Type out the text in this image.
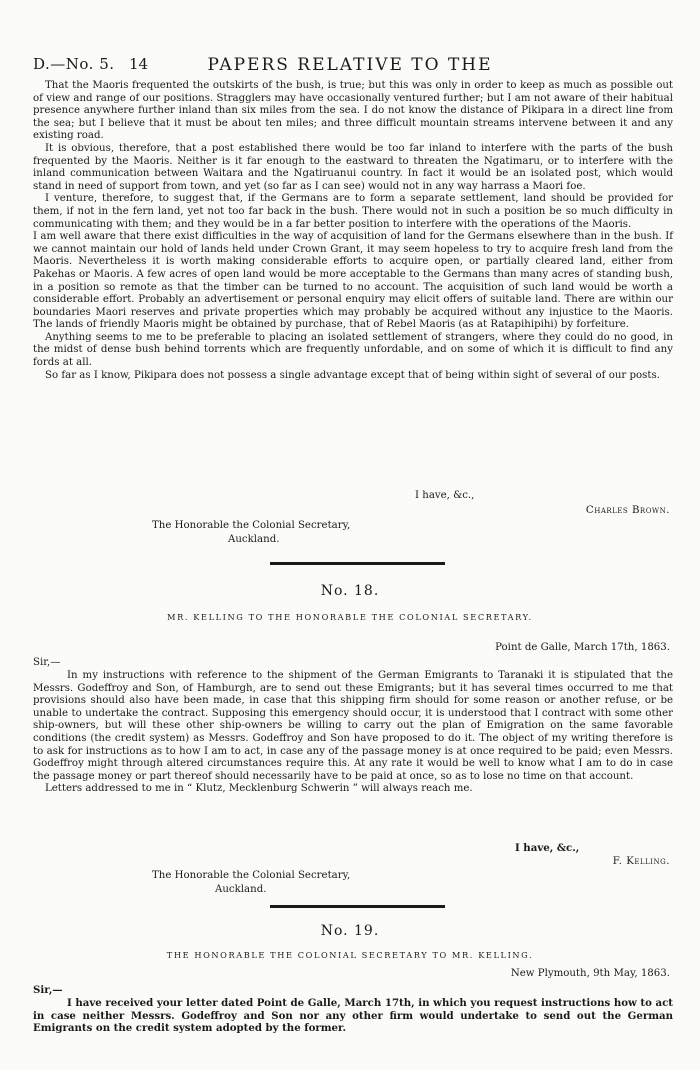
D.—No. 5. 14	PAPERS RELATIVE TO THE

That the Maoris frequented the outskirts of the bush, is true; but this was only in order to keep as much as possible out of view and range of our positions. Stragglers may have occasionally ventured further; but I am not aware of their habitual presence anywhere further inland than six miles from the sea. I do not know the distance of Pikipara in a direct line from the sea; but I believe that it must be about ten miles; and three difficult mountain streams intervene between it and any existing road.

It is obvious, therefore, that a post established there would be too far inland to interfere with the parts of the bush frequented by the Maoris. Neither is it far enough to the eastward to threaten the Ngatimaru, or to interfere with the inland communication between Waitara and the Ngatiruanui country. In fact it would be an isolated post, which would stand in need of support from town, and yet (so far as I can see) would not in any way harrass a Maori foe.

I venture, therefore, to suggest that, if the Germans are to form a separate settlement, land should be provided for them, if not in the fern land, yet not too far back in the bush. There would not in such a position be so much difficulty in communicating with them; and they would be in a far better position to interfere with the operations of the Maoris.

I am well aware that there exist difficulties in the way of acquisition of land for the Germans elsewhere than in the bush. If we cannot maintain our hold of lands held under Crown Grant, it may seem hopeless to try to acquire fresh land from the Maoris. Nevertheless it is worth making considerable efforts to acquire open, or partially cleared land, either from Pakehas or Maoris. A few acres of open land would be more acceptable to the Germans than many acres of standing bush, in a position so remote as that the timber can be turned to no account. The acquisition of such land would be worth a considerable effort. Probably an advertisement or personal enquiry may elicit offers of suitable land. There are within our boundaries Maori reserves and private properties which may probably be acquired without any injustice to the Maoris. The lands of friendly Maoris might be obtained by purchase, that of Rebel Maoris (as at Ratapihipihi) by forfeiture.

Anything seems to me to be preferable to placing an isolated settlement of strangers, where they could do no good, in the midst of dense bush behind torrents which are frequently unfordable, and on some of which it is difficult to find any fords at all.

So far as I know, Pikipara does not possess a single advantage except that of being within sight of several of our posts.

I have, &c.,
Charles Brown.
The Honorable the Colonial Secretary,
Auckland.
No. 18.
MR. KELLING TO THE HONORABLE THE COLONIAL SECRETARY.
Point de Galle, March 17th, 1863.
Sir,—

In my instructions with reference to the shipment of the German Emigrants to Taranaki it is stipulated that the Messrs. Godeffroy and Son, of Hamburgh, are to send out these Emigrants; but it has several times occurred to me that provisions should also have been made, in case that this shipping firm should for some reason or another refuse, or be unable to undertake the contract. Supposing this emergency should occur, it is understood that I contract with some other ship-owners, but will these other ship-owners be willing to carry out the plan of Emigration on the same favorable conditions (the credit system) as Messrs. Godeffroy and Son have proposed to do it. The object of my writing therefore is to ask for instructions as to how I am to act, in case any of the passage money is at once required to be paid; even Messrs. Godeffroy might through altered circumstances require this. At any rate it would be well to know what I am to do in case the passage money or part thereof should necessarily have to be paid at once, so as to lose no time on that account.

Letters addressed to me in “ Klutz, Mecklenburg Schwerin ” will always reach me.

I have, &c.,
F. Kelling.
The Honorable the Colonial Secretary,
Auckland.
No. 19.
THE HONORABLE THE COLONIAL SECRETARY TO MR. KELLING.
New Plymouth, 9th May, 1863.
Sir,—

I have received your letter dated Point de Galle, March 17th, in which you request instructions how to act in case neither Messrs. Godeffroy and Son nor any other firm would undertake to send out the German Emigrants on the credit system adopted by the former.
